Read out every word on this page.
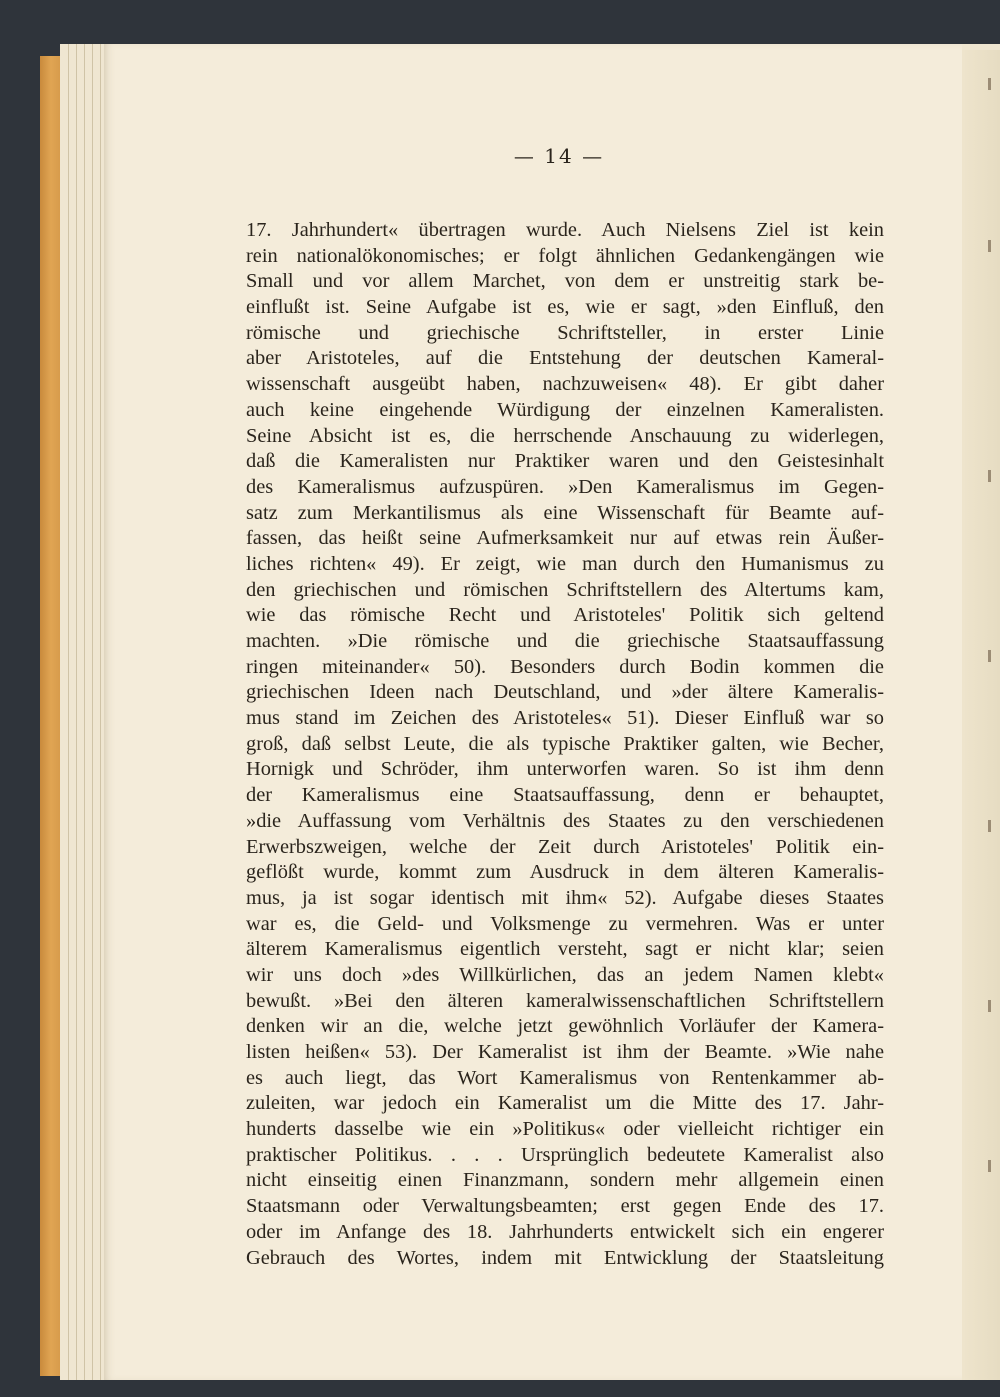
— 14 —
17. Jahrhundert« übertragen wurde. Auch Nielsens Ziel ist kein
rein nationalökonomisches; er folgt ähnlichen Gedankengängen wie
Small und vor allem Marchet, von dem er unstreitig stark be-
einflußt ist. Seine Aufgabe ist es, wie er sagt, »den Einfluß, den
römische und griechische Schriftsteller, in erster Linie
aber Aristoteles, auf die Entstehung der deutschen Kameral-
wissenschaft ausgeübt haben, nachzuweisen« 48). Er gibt daher
auch keine eingehende Würdigung der einzelnen Kameralisten.
Seine Absicht ist es, die herrschende Anschauung zu widerlegen,
daß die Kameralisten nur Praktiker waren und den Geistesinhalt
des Kameralismus aufzuspüren. »Den Kameralismus im Gegen-
satz zum Merkantilismus als eine Wissenschaft für Beamte auf-
fassen, das heißt seine Aufmerksamkeit nur auf etwas rein Äußer-
liches richten« 49). Er zeigt, wie man durch den Humanismus zu
den griechischen und römischen Schriftstellern des Altertums kam,
wie das römische Recht und Aristoteles' Politik sich geltend
machten. »Die römische und die griechische Staatsauffassung
ringen miteinander« 50). Besonders durch Bodin kommen die
griechischen Ideen nach Deutschland, und »der ältere Kameralis-
mus stand im Zeichen des Aristoteles« 51). Dieser Einfluß war so
groß, daß selbst Leute, die als typische Praktiker galten, wie Becher,
Hornigk und Schröder, ihm unterworfen waren. So ist ihm denn
der Kameralismus eine Staatsauffassung, denn er behauptet,
»die Auffassung vom Verhältnis des Staates zu den verschiedenen
Erwerbszweigen, welche der Zeit durch Aristoteles' Politik ein-
geflößt wurde, kommt zum Ausdruck in dem älteren Kameralis-
mus, ja ist sogar identisch mit ihm« 52). Aufgabe dieses Staates
war es, die Geld- und Volksmenge zu vermehren. Was er unter
älterem Kameralismus eigentlich versteht, sagt er nicht klar; seien
wir uns doch »des Willkürlichen, das an jedem Namen klebt«
bewußt. »Bei den älteren kameralwissenschaftlichen Schriftstellern
denken wir an die, welche jetzt gewöhnlich Vorläufer der Kamera-
listen heißen« 53). Der Kameralist ist ihm der Beamte. »Wie nahe
es auch liegt, das Wort Kameralismus von Rentenkammer ab-
zuleiten, war jedoch ein Kameralist um die Mitte des 17. Jahr-
hunderts dasselbe wie ein »Politikus« oder vielleicht richtiger ein
praktischer Politikus. . . . Ursprünglich bedeutete Kameralist also
nicht einseitig einen Finanzmann, sondern mehr allgemein einen
Staatsmann oder Verwaltungsbeamten; erst gegen Ende des 17.
oder im Anfange des 18. Jahrhunderts entwickelt sich ein engerer
Gebrauch des Wortes, indem mit Entwicklung der Staatsleitung
